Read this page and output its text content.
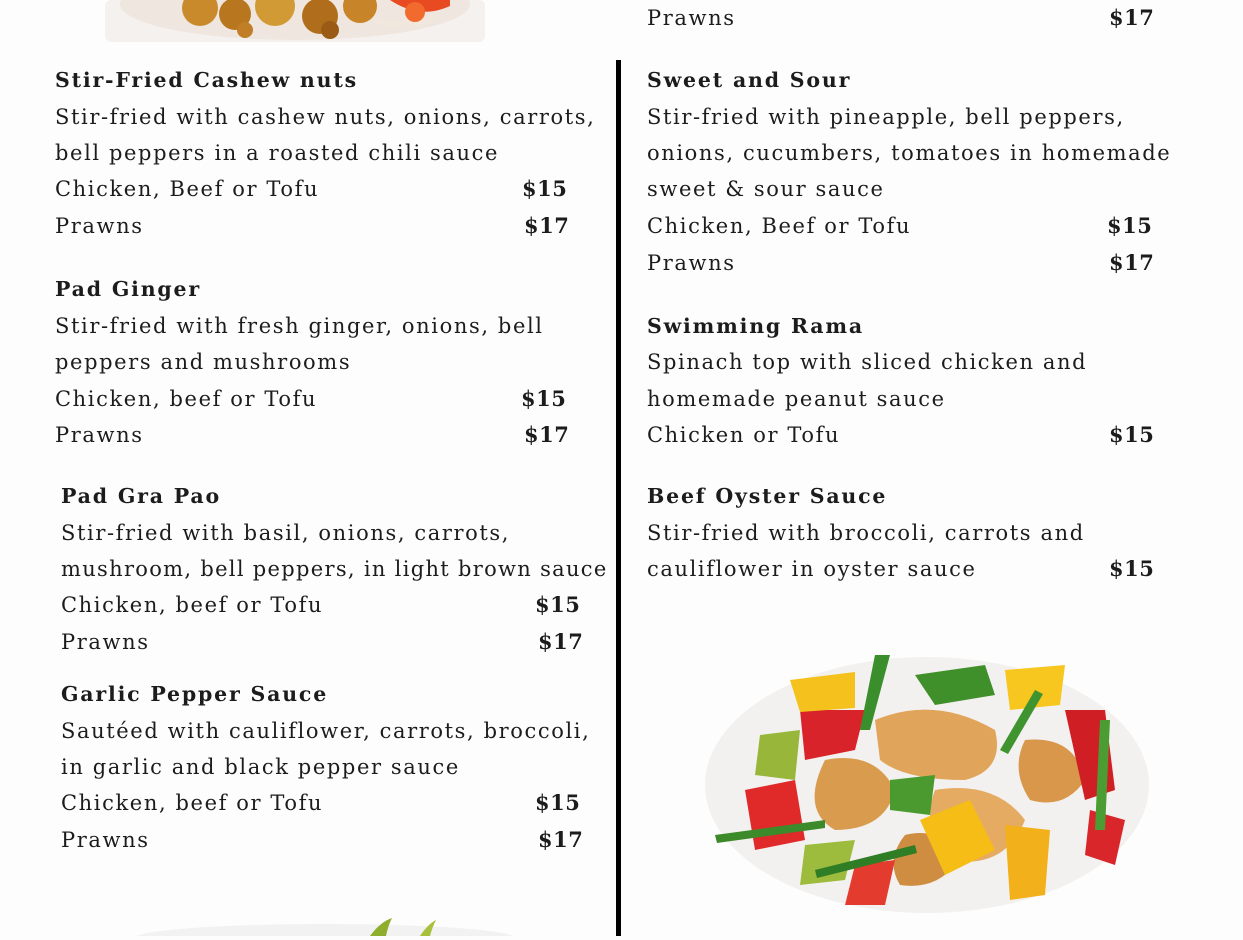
Prawns	$17
Stir-Fried Cashew nuts
Stir-fried with cashew nuts, onions, carrots,
bell peppers in a roasted chili sauce
Chicken, Beef or Tofu	$15
Prawns	$17
Pad Ginger
Stir-fried with fresh ginger, onions, bell
peppers and mushrooms
Chicken, beef or Tofu	$15
Prawns	$17
Pad Gra Pao
Stir-fried with basil, onions, carrots,
mushroom, bell peppers, in light brown sauce
Chicken, beef or Tofu	$15
Prawns	$17
Garlic Pepper Sauce
Sautéed with cauliflower, carrots, broccoli,
in garlic and black pepper sauce
Chicken, beef or Tofu	$15
Prawns	$17
Sweet and Sour
Stir-fried with pineapple, bell peppers,
onions, cucumbers, tomatoes in homemade
sweet & sour sauce
Chicken, Beef or Tofu	$15
Prawns	$17
Swimming Rama
Spinach top with sliced chicken and
homemade peanut sauce
Chicken or Tofu	$15
Beef Oyster Sauce
Stir-fried with broccoli, carrots and
cauliflower in oyster sauce	$15
